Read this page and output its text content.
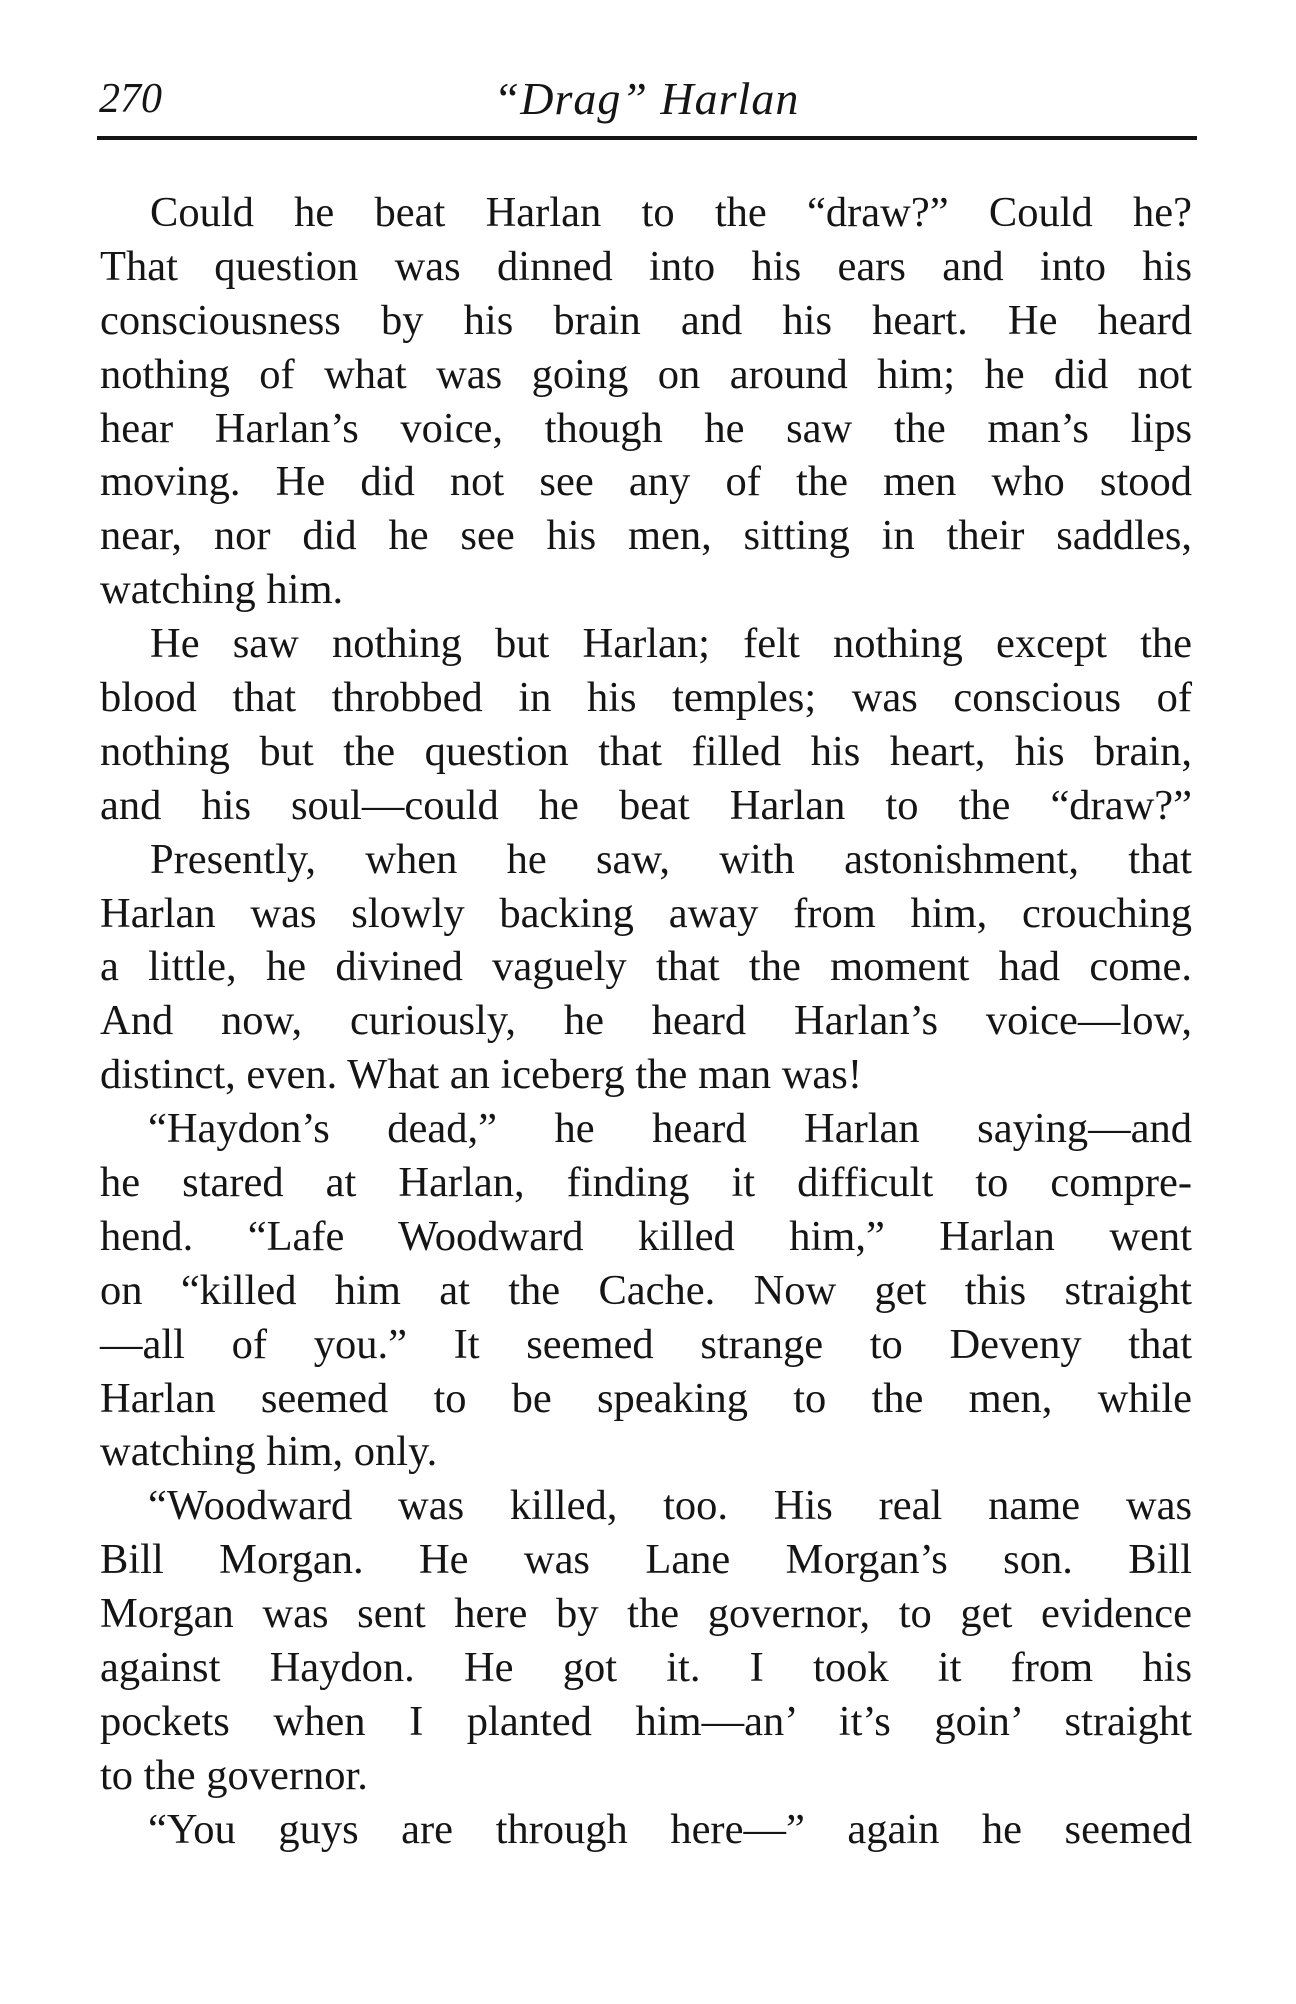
270	“Drag” Harlan
Could he beat Harlan to the “draw?” Could he?
That question was dinned into his ears and into his
consciousness by his brain and his heart. He heard
nothing of what was going on around him; he did not
hear Harlan’s voice, though he saw the man’s lips
moving. He did not see any of the men who stood
near, nor did he see his men, sitting in their saddles,
watching him.
He saw nothing but Harlan; felt nothing except the
blood that throbbed in his temples; was conscious of
nothing but the question that filled his heart, his brain,
and his soul—could he beat Harlan to the “draw?”
Presently, when he saw, with astonishment, that
Harlan was slowly backing away from him, crouching
a little, he divined vaguely that the moment had come.
And now, curiously, he heard Harlan’s voice—low,
distinct, even. What an iceberg the man was!
“Haydon’s dead,” he heard Harlan saying—and
he stared at Harlan, finding it difficult to compre-
hend. “Lafe Woodward killed him,” Harlan went
on “killed him at the Cache. Now get this straight
—all of you.” It seemed strange to Deveny that
Harlan seemed to be speaking to the men, while
watching him, only.
“Woodward was killed, too. His real name was
Bill Morgan. He was Lane Morgan’s son. Bill
Morgan was sent here by the governor, to get evidence
against Haydon. He got it. I took it from his
pockets when I planted him—an’ it’s goin’ straight
to the governor.
“You guys are through here—” again he seemed
